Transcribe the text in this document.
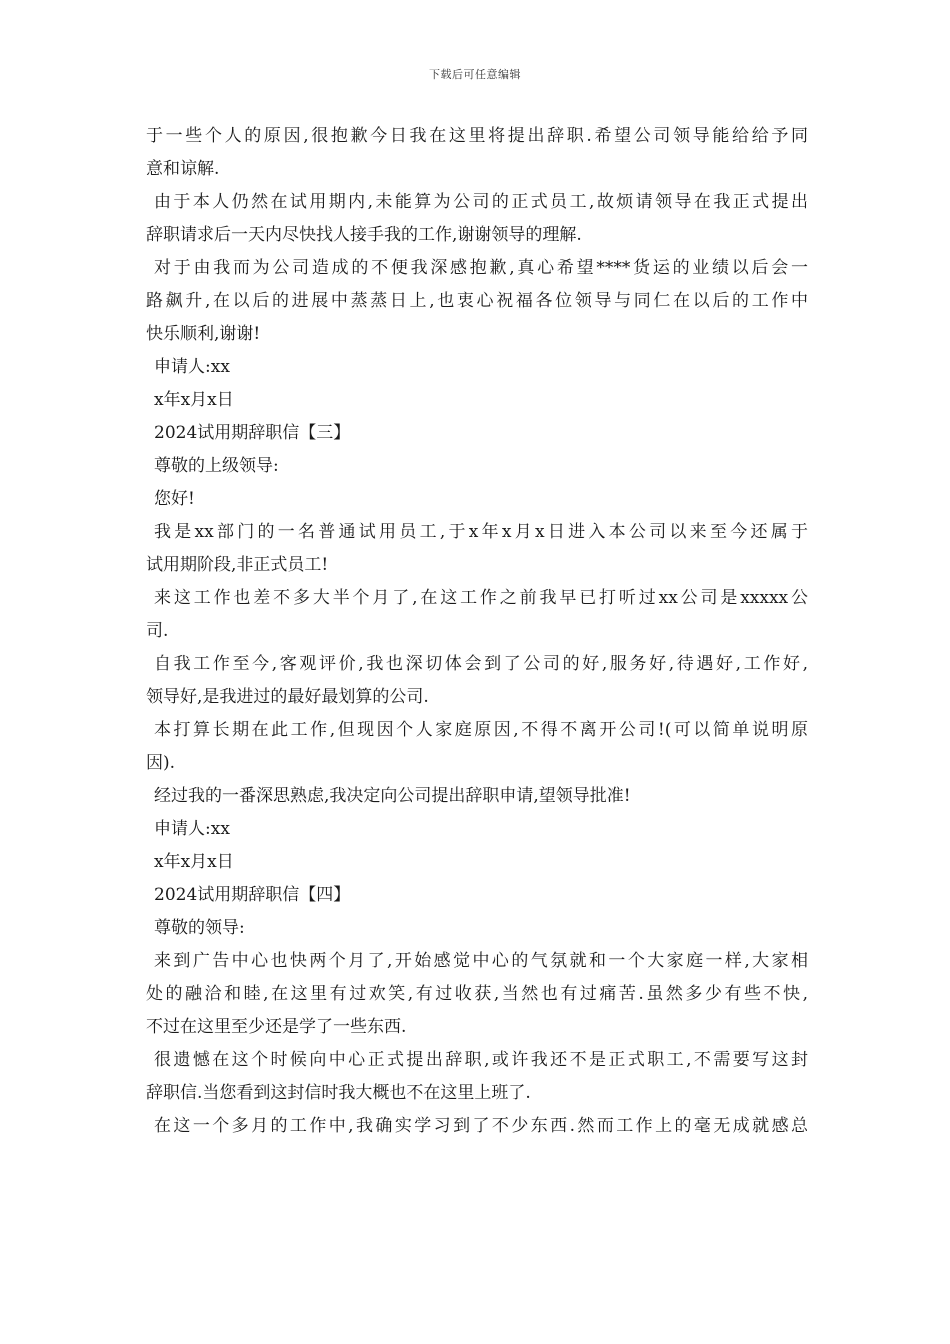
下载后可任意编辑
于一些个人的原因,很抱歉今日我在这里将提出辞职.希望公司领导能给给予同
意和谅解.
由于本人仍然在试用期内,未能算为公司的正式员工,故烦请领导在我正式提出
辞职请求后一天内尽快找人接手我的工作,谢谢领导的理解.
对于由我而为公司造成的不便我深感抱歉,真心希望****货运的业绩以后会一
路飙升,在以后的进展中蒸蒸日上,也衷心祝福各位领导与同仁在以后的工作中
快乐顺利,谢谢!
申请人:xx
x年x月x日
2024试用期辞职信【三】
尊敬的上级领导:
您好!
我是xx部门的一名普通试用员工,于x年x月x日进入本公司以来至今还属于
试用期阶段,非正式员工!
来这工作也差不多大半个月了,在这工作之前我早已打听过xx公司是xxxxx公
司.
自我工作至今,客观评价,我也深切体会到了公司的好,服务好,待遇好,工作好,
领导好,是我进过的最好最划算的公司.
本打算长期在此工作,但现因个人家庭原因,不得不离开公司!(可以简单说明原
因).
经过我的一番深思熟虑,我决定向公司提出辞职申请,望领导批准!
申请人:xx
x年x月x日
2024试用期辞职信【四】
尊敬的领导:
来到广告中心也快两个月了,开始感觉中心的气氛就和一个大家庭一样,大家相
处的融洽和睦,在这里有过欢笑,有过收获,当然也有过痛苦.虽然多少有些不快,
不过在这里至少还是学了一些东西.
很遗憾在这个时候向中心正式提出辞职,或许我还不是正式职工,不需要写这封
辞职信.当您看到这封信时我大概也不在这里上班了.
在这一个多月的工作中,我确实学习到了不少东西.然而工作上的毫无成就感总
